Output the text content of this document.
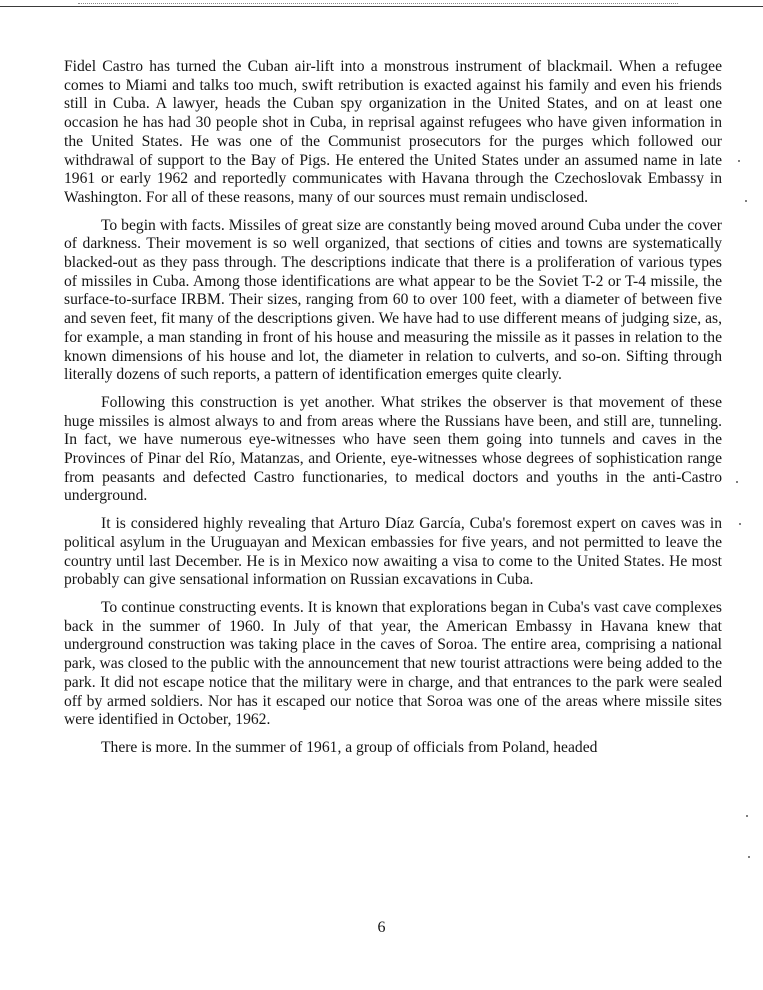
Fidel Castro has turned the Cuban air-lift into a monstrous instrument of blackmail. When a refugee comes to Miami and talks too much, swift retribution is exacted against his family and even his friends still in Cuba. A lawyer, heads the Cuban spy organization in the United States, and on at least one occasion he has had 30 people shot in Cuba, in reprisal against refugees who have given information in the United States. He was one of the Communist prosecutors for the purges which followed our withdrawal of support to the Bay of Pigs. He entered the United States under an assumed name in late 1961 or early 1962 and reportedly communicates with Havana through the Czechoslovak Embassy in Washington. For all of these reasons, many of our sources must remain undisclosed.

To begin with facts. Missiles of great size are constantly being moved around Cuba under the cover of darkness. Their movement is so well organized, that sections of cities and towns are systematically blacked-out as they pass through. The descriptions indicate that there is a proliferation of various types of missiles in Cuba. Among those identifications are what appear to be the Soviet T-2 or T-4 missile, the surface-to-surface IRBM. Their sizes, ranging from 60 to over 100 feet, with a diameter of between five and seven feet, fit many of the descriptions given. We have had to use different means of judging size, as, for example, a man standing in front of his house and measuring the missile as it passes in relation to the known dimensions of his house and lot, the diameter in relation to culverts, and so-on. Sifting through literally dozens of such reports, a pattern of identification emerges quite clearly.

Following this construction is yet another. What strikes the observer is that movement of these huge missiles is almost always to and from areas where the Russians have been, and still are, tunneling. In fact, we have numerous eye-witnesses who have seen them going into tunnels and caves in the Provinces of Pinar del Río, Matanzas, and Oriente, eye-witnesses whose degrees of sophistication range from peasants and defected Castro functionaries, to medical doctors and youths in the anti-Castro underground.

It is considered highly revealing that Arturo Díaz García, Cuba's foremost expert on caves was in political asylum in the Uruguayan and Mexican embassies for five years, and not permitted to leave the country until last December. He is in Mexico now awaiting a visa to come to the United States. He most probably can give sensational information on Russian excavations in Cuba.

To continue constructing events. It is known that explorations began in Cuba's vast cave complexes back in the summer of 1960. In July of that year, the American Embassy in Havana knew that underground construction was taking place in the caves of Soroa. The entire area, comprising a national park, was closed to the public with the announcement that new tourist attractions were being added to the park. It did not escape notice that the military were in charge, and that entrances to the park were sealed off by armed soldiers. Nor has it escaped our notice that Soroa was one of the areas where missile sites were identified in October, 1962.

There is more. In the summer of 1961, a group of officials from Poland, headed

6
